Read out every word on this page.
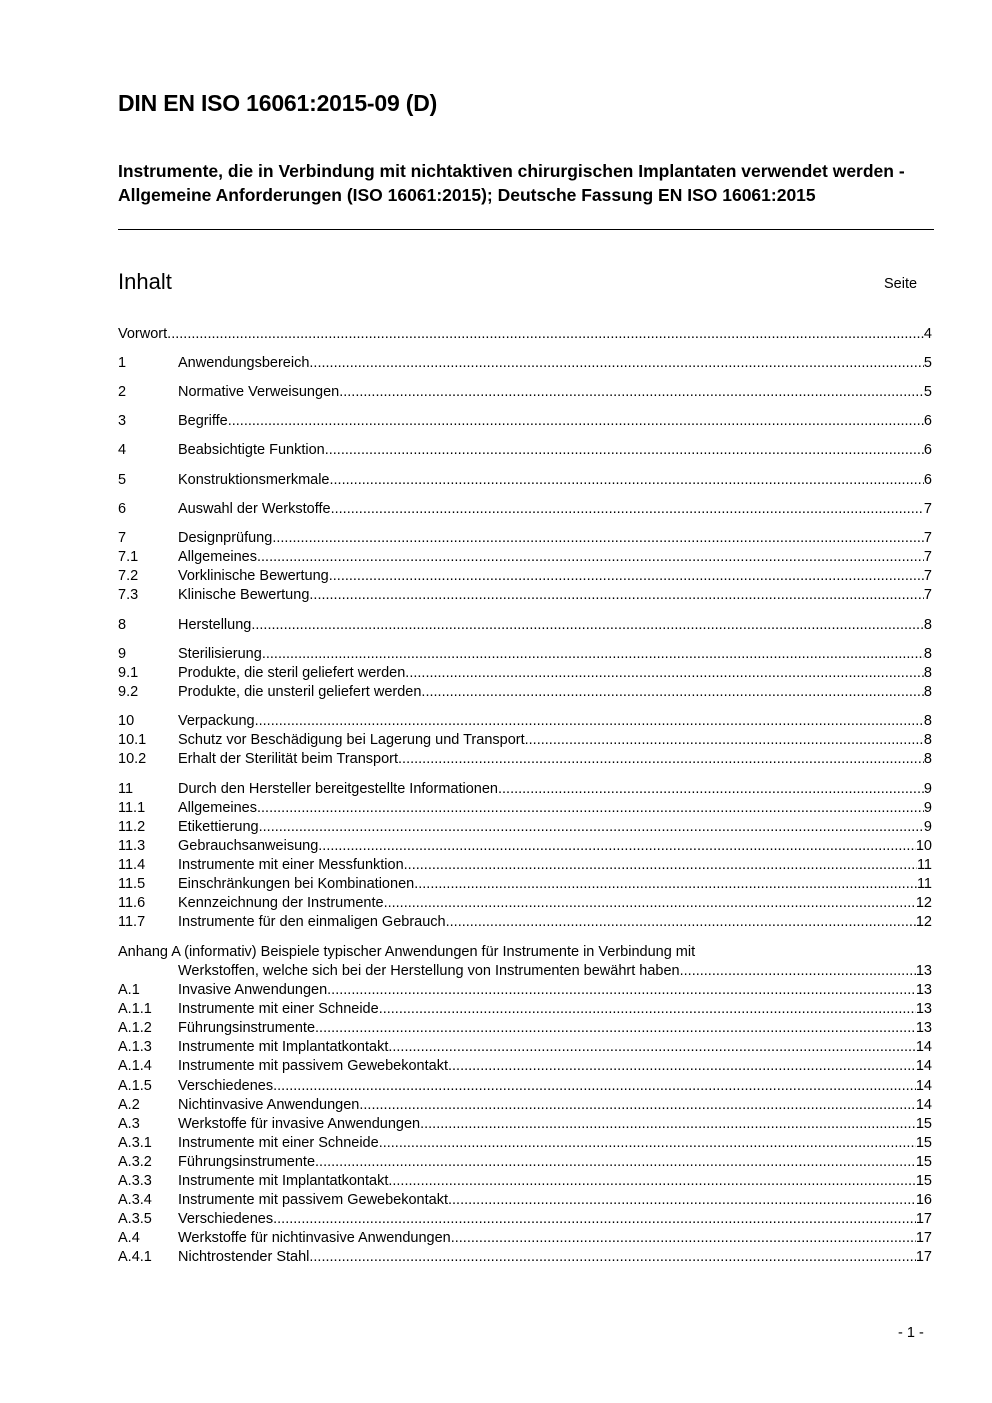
DIN EN ISO 16061:2015-09 (D)
Instrumente, die in Verbindung mit nichtaktiven chirurgischen Implantaten verwendet werden - Allgemeine Anforderungen (ISO 16061:2015); Deutsche Fassung EN ISO 16061:2015
Inhalt	Seite
Vorwort .....	4
1	Anwendungsbereich .....	5
2	Normative Verweisungen .....	5
3	Begriffe .....	6
4	Beabsichtigte Funktion .....	6
5	Konstruktionsmerkmale .....	6
6	Auswahl der Werkstoffe .....	7
7	Designprüfung .....	7
7.1	Allgemeines .....	7
7.2	Vorklinische Bewertung .....	7
7.3	Klinische Bewertung .....	7
8	Herstellung .....	8
9	Sterilisierung .....	8
9.1	Produkte, die steril geliefert werden .....	8
9.2	Produkte, die unsteril geliefert werden .....	8
10	Verpackung .....	8
10.1	Schutz vor Beschädigung bei Lagerung und Transport .....	8
10.2	Erhalt der Sterilität beim Transport .....	8
11	Durch den Hersteller bereitgestellte Informationen .....	9
11.1	Allgemeines .....	9
11.2	Etikettierung .....	9
11.3	Gebrauchsanweisung .....	10
11.4	Instrumente mit einer Messfunktion .....	11
11.5	Einschränkungen bei Kombinationen .....	11
11.6	Kennzeichnung der Instrumente .....	12
11.7	Instrumente für den einmaligen Gebrauch .....	12
Anhang A (informativ) Beispiele typischer Anwendungen für Instrumente in Verbindung mit
Werkstoffen, welche sich bei der Herstellung von Instrumenten bewährt haben .....	13
A.1	Invasive Anwendungen .....	13
A.1.1	Instrumente mit einer Schneide .....	13
A.1.2	Führungsinstrumente .....	13
A.1.3	Instrumente mit Implantatkontakt .....	14
A.1.4	Instrumente mit passivem Gewebekontakt .....	14
A.1.5	Verschiedenes .....	14
A.2	Nichtinvasive Anwendungen .....	14
A.3	Werkstoffe für invasive Anwendungen .....	15
A.3.1	Instrumente mit einer Schneide .....	15
A.3.2	Führungsinstrumente .....	15
A.3.3	Instrumente mit Implantatkontakt .....	15
A.3.4	Instrumente mit passivem Gewebekontakt .....	16
A.3.5	Verschiedenes .....	17
A.4	Werkstoffe für nichtinvasive Anwendungen .....	17
A.4.1	Nichtrostender Stahl .....	17
- 1 -
